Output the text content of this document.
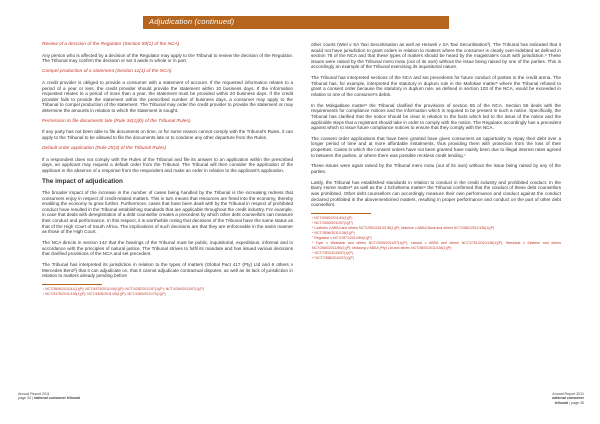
Adjudication (continued)

Review of a decision of the Regulator (Section 59(1) of the NCA)

Any person who is affected by a decision of the Regulator may apply to the Tribunal to review the decision of the Regulator. The Tribunal may confirm the decision or set it aside in whole or in part.

Compel production of a statement (Section 11(1) of the NCA)

A credit provider is obliged to provide a consumer with a statement of account. If the requested information relates to a period of a year or less, the credit provider should provide the statement within 10 business days. If the information requested relates to a period of more than a year, the statement must be provided within 20 business days. If the credit provider fails to provide the statement within the prescribed number of business days, a consumer may apply to the Tribunal to compel production of the statement. The Tribunal may order the credit provider to provide the statement or may determine the amounts in relation to which the statement is sought.

Permission to file documents late (Rule 34(1)(b) of the Tribunal Rules)

If any party has not been able to file documents on time, or for some reason cannot comply with the Tribunal's Rules, it can apply to the Tribunal to be allowed to file the documents late or to condone any other departure from the Rules.

Default order application (Rule 25(3) of the Tribunal Rules)

If a respondent does not comply with the Rules of the Tribunal and file its answer to an application within the prescribed days, an applicant may request a default order from the Tribunal. The Tribunal will then consider the application of the applicant in the absence of a response from the respondent and make an order in relation to the applicant's application.

The impact of adjudication

The broader impact of the increase in the number of cases being handled by the Tribunal is the increasing redress that consumers enjoy in respect of credit-related matters. This in turn means that resources are freed into the economy, thereby enabling the economy to grow further. Furthermore, cases that have been dealt with by the Tribunal in respect of prohibited conduct have resulted in the Tribunal establishing standards that are applicable throughout the credit industry. For example, in case that deals with deregistration of a debt counsellor creates a precedent by which other debt counsellors can measure their conduct and performance. In this respect, it is worthwhile noting that decisions of the Tribunal have the same status as that of the High Court of South Africa. The implications of such decisions are that they are enforceable in the same manner as those of the High Court.

The NCA directs in section 142 that the hearings of the Tribunal must be public, inquisitorial, expeditious, informal and in accordance with the principles of natural justice. The Tribunal strives to fulfil its mandate and has issued various decisions that clarified provisions of the NCA and set precedent.

The Tribunal has interpreted its jurisdiction in relation to the types of matters (Global Pact 417 (Pty) Ltd and 6 others v Mercedes Benz²) that it can adjudicate on, that it cannot adjudicate contractual disputes, as well as its lack of jurisdiction in relation to matters already pending before

¹ NCT/3606/2011/41(1)(P); NCT/4573/2011/49(1)(P); NCT/4282/2011/57(1)(P); NCT/4390/2011/67(1)(P)
² NCT/3475/2011/136(1)(P); NCT/4305/2011/49(1)(P); NCT/4399/2011/75(1)(P)

other courts (Wiel v SA Taxi Securitisation as well as Herweli v SA Taxi Securitisation³). The Tribunal has indicated that it would not have jurisdiction to grant orders in relation to matters where the consumer is clearly over-indebted as defined in section 78 of the NCA and that these types of matters should be heard by the magistrate's court with jurisdiction.⁴ These issues were raised by the Tribunal mero motu (out of its own) without the issue being raised by one of the parties. This is accordingly an example of the Tribunal exercising its inquisitorial nature.

The Tribunal has interpreted sections of the NCA and set precedents for future conduct of parties in the credit arena. The Tribunal has, for example, interpreted the statutory in duplum rule in the Mafokae matter⁵ where the Tribunal refused to grant a consent order because the statutory in duplum rule, as defined in section 103 of the NCA, would be exceeded in relation to one of the consumer's debts.

In the Mokgatlane matter⁶ the Tribunal clarified the provisions of section 55 of the NCA. Section 55 deals with the requirements for compliance notices and the information which is required to be present in such a notice. Specifically, the Tribunal has clarified that the notice should be clear in relation to the facts which led to the issue of the notice and the applicable steps that a registrant should take in order to comply with the notice. The Regulator accordingly has a precedent against which to issue future compliance notices to ensure that they comply with the NCA.

The consent order applications that have been granted have given consumers an opportunity to repay their debt over a longer period of time and at more affordable instalments, thus providing them with protection from the loss of their properties. Cases in which the consent orders have not been granted have mainly been due to illegal interest rates agreed to between the parties, or where there was possible reckless credit lending.⁷

These issues were again raised by the Tribunal mero motu (out of its own) without the issue being raised by any of the parties.

Lastly, the Tribunal has established standards in relation to conduct in the credit industry and prohibited conduct. In the Barry Horne matter⁸ as well as the J Scheltema matter⁹ the Tribunal confirmed that the conduct of these debt counsellors was prohibited. Other debt counsellors can accordingly measure their own performance and conduct against the conduct declared prohibited in the abovementioned matters, resulting in proper performance and conduct on the part of other debt counsellors.

³ NCT/3060/2011/49(1)(P)
⁴ NCT/3490/2011/57(1)(P)
⁵ Lodheim v ABSA and others NCT/2951/2010/136(1)(P); Makhoe v ABSA Bank and others NCT/2882/2011/136(1)(P)
⁶ NCT/3596/2011/136(1)(P)
⁷ Regulator v NCT/2671/2010/50(1)(P)
⁸ Dyer v Wesbank and others NCT/3009/2011/57(1)(P); Lamola v ABSA and others NCT/2751/2010/136(1)(P); Wesbank v Eksteen and others NCT/2680/2011/56(1)(P); Motaung v ABSA (Pty) Ltd and others NCT/3600/2011/136(1)(P)
⁹ NCT/7502/2010/57(1)(P)
¹⁰ NCT/7868/2010/57(1)(P)
Annual Report 2011
page 34 | national consumer tribunal
Annual Report 2011
national consumer tribunal | page 35
